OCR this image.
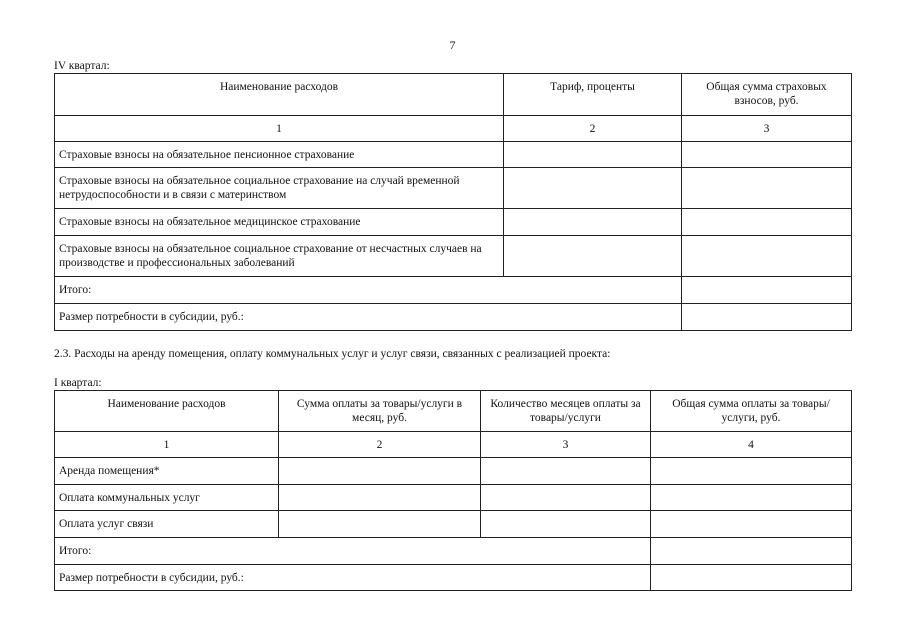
7
IV квартал:
Наименование расходов	Тариф, проценты	Общая сумма страховых взносов, руб.
1	2	3
Страховые взносы на обязательное пенсионное страхование		
Страховые взносы на обязательное социальное страхование на случай временной нетрудоспособности и в связи с материнством		
Страховые взносы на обязательное медицинское страхование		
Страховые взносы на обязательное социальное страхование от несчастных случаев на производстве и профессиональных заболеваний		
Итого:		
Размер потребности в субсидии, руб.:		
2.3. Расходы на аренду помещения, оплату коммунальных услуг и услуг связи, связанных с реализацией проекта:
I квартал:
Наименование расходов	Сумма оплаты за товары/услуги в месяц, руб.	Количество месяцев оплаты за товары/услуги	Общая сумма оплаты за товары/услуги, руб.
1	2	3	4
Аренда помещения*			
Оплата коммунальных услуг			
Оплата услуг связи			
Итого:			
Размер потребности в субсидии, руб.:			
